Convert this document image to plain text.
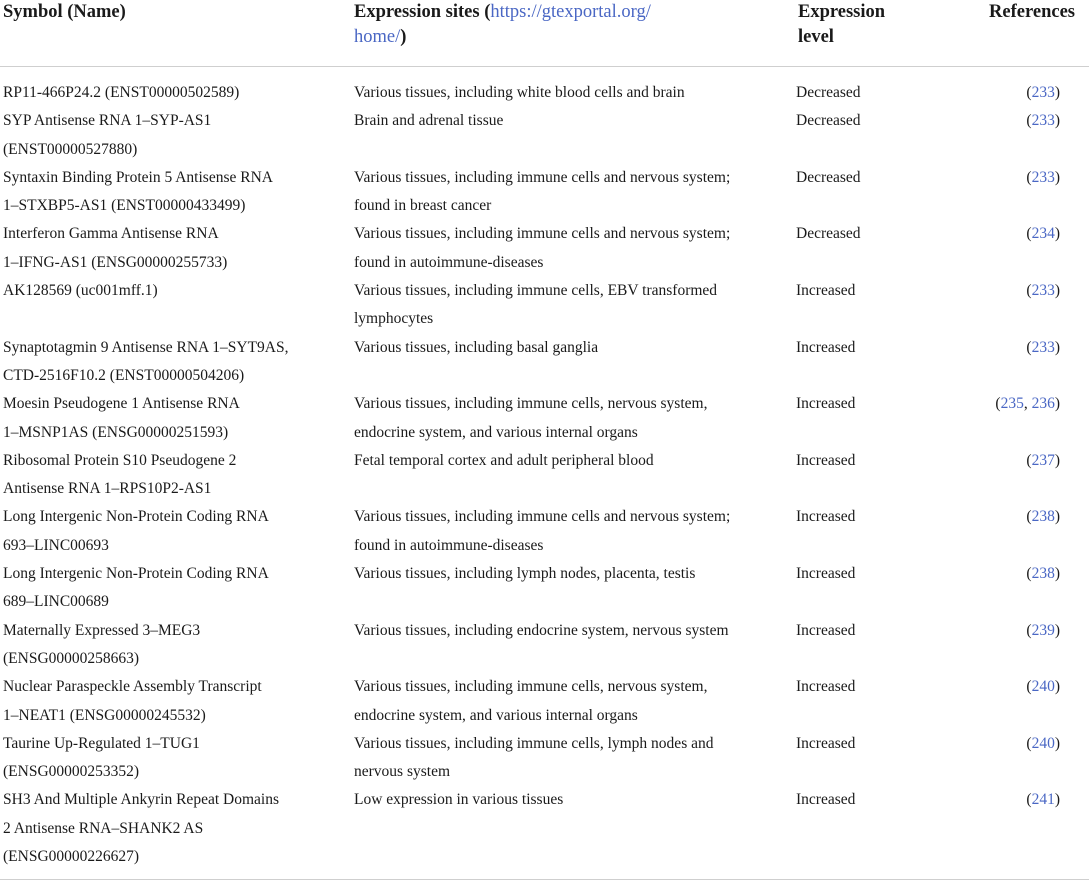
Symbol (Name)	Expression sites (https://gtexportal.org/
home/)	Expression
level	References
RP11-466P24.2 (ENST00000502589)	Various tissues, including white blood cells and brain	Decreased	(233)
SYP Antisense RNA 1–SYP-AS1
(ENST00000527880)	Brain and adrenal tissue	Decreased	(233)
Syntaxin Binding Protein 5 Antisense RNA
1–STXBP5-AS1 (ENST00000433499)	Various tissues, including immune cells and nervous system;
found in breast cancer	Decreased	(233)
Interferon Gamma Antisense RNA
1–IFNG-AS1 (ENSG00000255733)	Various tissues, including immune cells and nervous system;
found in autoimmune-diseases	Decreased	(234)
AK128569 (uc001mff.1)	Various tissues, including immune cells, EBV transformed
lymphocytes	Increased	(233)
Synaptotagmin 9 Antisense RNA 1–SYT9AS,
CTD-2516F10.2 (ENST00000504206)	Various tissues, including basal ganglia	Increased	(233)
Moesin Pseudogene 1 Antisense RNA
1–MSNP1AS (ENSG00000251593)	Various tissues, including immune cells, nervous system,
endocrine system, and various internal organs	Increased	(235, 236)
Ribosomal Protein S10 Pseudogene 2
Antisense RNA 1–RPS10P2-AS1	Fetal temporal cortex and adult peripheral blood	Increased	(237)
Long Intergenic Non-Protein Coding RNA
693–LINC00693	Various tissues, including immune cells and nervous system;
found in autoimmune-diseases	Increased	(238)
Long Intergenic Non-Protein Coding RNA
689–LINC00689	Various tissues, including lymph nodes, placenta, testis	Increased	(238)
Maternally Expressed 3–MEG3
(ENSG00000258663)	Various tissues, including endocrine system, nervous system	Increased	(239)
Nuclear Paraspeckle Assembly Transcript
1–NEAT1 (ENSG00000245532)	Various tissues, including immune cells, nervous system,
endocrine system, and various internal organs	Increased	(240)
Taurine Up-Regulated 1–TUG1
(ENSG00000253352)	Various tissues, including immune cells, lymph nodes and
nervous system	Increased	(240)
SH3 And Multiple Ankyrin Repeat Domains
2 Antisense RNA–SHANK2 AS
(ENSG00000226627)	Low expression in various tissues	Increased	(241)
